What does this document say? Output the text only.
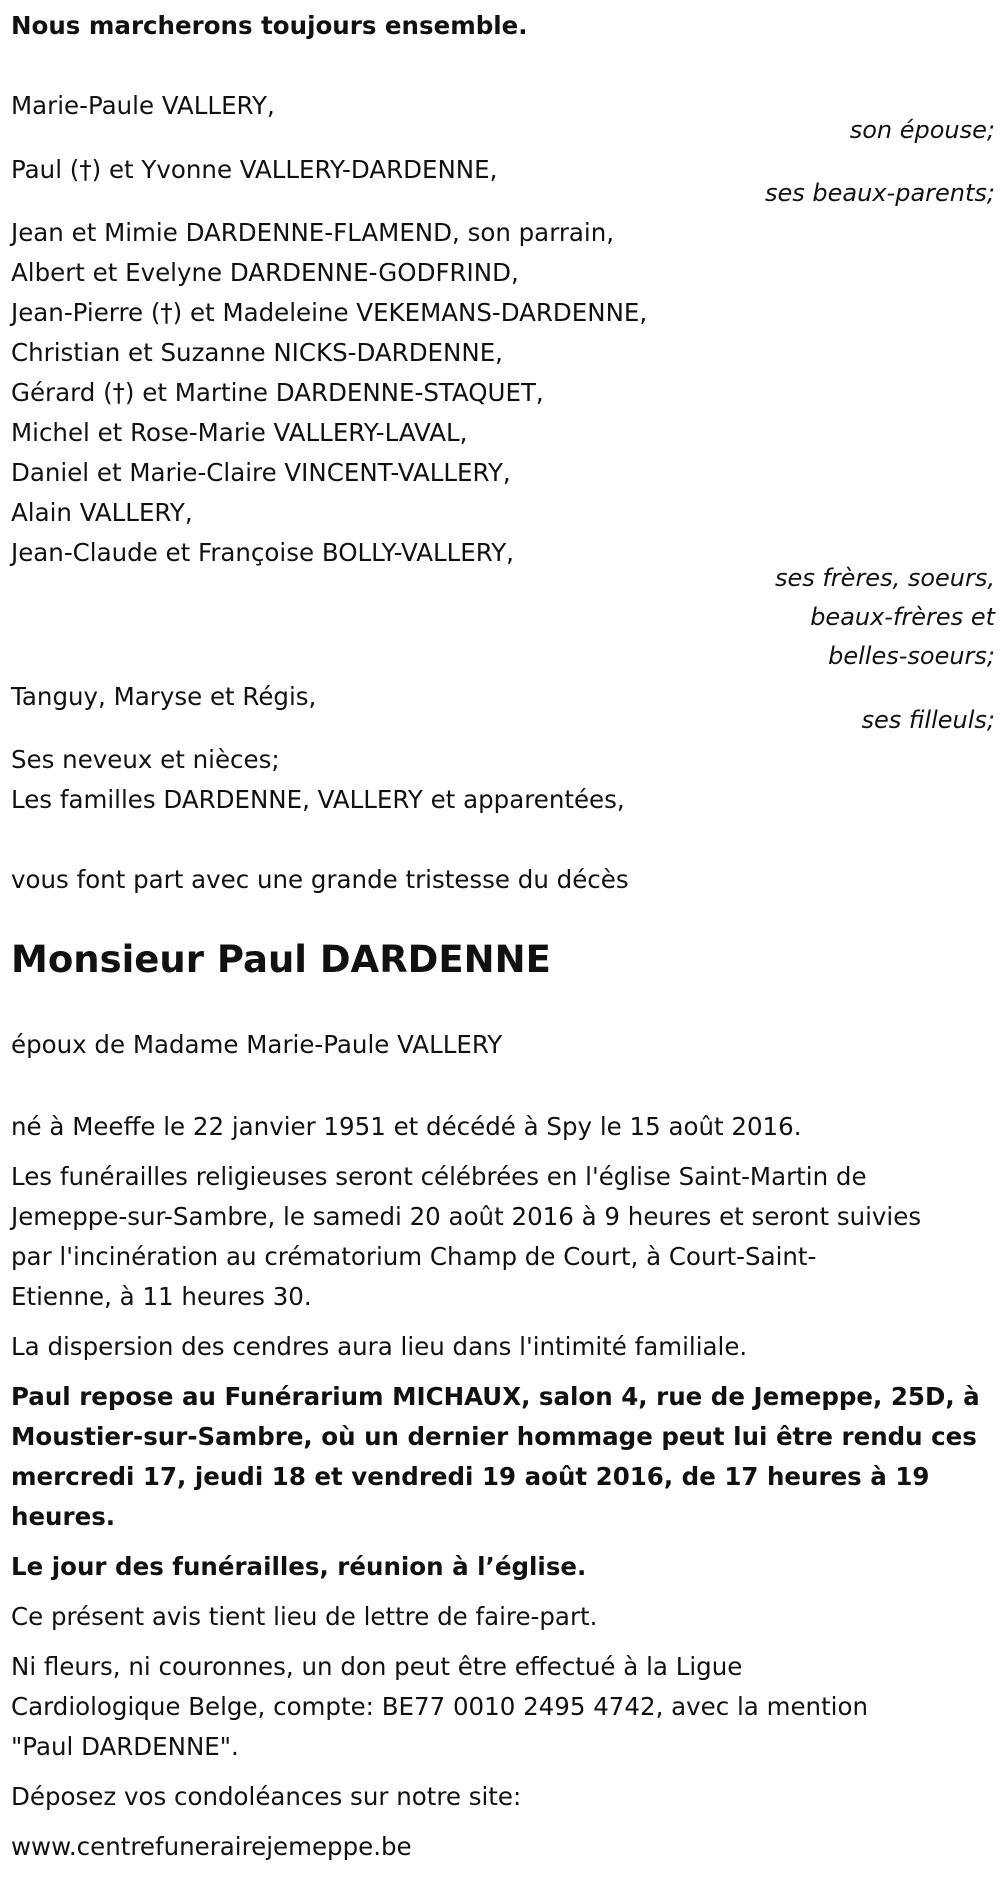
Nous marcherons toujours ensemble.

Marie-Paule VALLERY,

son épouse;

Paul (†) et Yvonne VALLERY-DARDENNE,

ses beaux-parents;

Jean et Mimie DARDENNE-FLAMEND, son parrain,

Albert et Evelyne DARDENNE-GODFRIND,

Jean-Pierre (†) et Madeleine VEKEMANS-DARDENNE,

Christian et Suzanne NICKS-DARDENNE,

Gérard (†) et Martine DARDENNE-STAQUET,

Michel et Rose-Marie VALLERY-LAVAL,

Daniel et Marie-Claire VINCENT-VALLERY,

Alain VALLERY,

Jean-Claude et Françoise BOLLY-VALLERY,

ses frères, soeurs,

beaux-frères et

belles-soeurs;

Tanguy, Maryse et Régis,

ses filleuls;

Ses neveux et nièces;

Les familles DARDENNE, VALLERY et apparentées,

vous font part avec une grande tristesse du décès

Monsieur Paul DARDENNE

époux de Madame Marie-Paule VALLERY

né à Meeffe le 22 janvier 1951 et décédé à Spy le 15 août 2016.

Les funérailles religieuses seront célébrées en l'église Saint-Martin de

Jemeppe-sur-Sambre, le samedi 20 août 2016 à 9 heures et seront suivies

par l'incinération au crématorium Champ de Court, à Court-Saint-

Etienne, à 11 heures 30.

La dispersion des cendres aura lieu dans l'intimité familiale.

Paul repose au Funérarium MICHAUX, salon 4, rue de Jemeppe, 25D, à

Moustier-sur-Sambre, où un dernier hommage peut lui être rendu ces

mercredi 17, jeudi 18 et vendredi 19 août 2016, de 17 heures à 19

heures.

Le jour des funérailles, réunion à l’église.

Ce présent avis tient lieu de lettre de faire-part.

Ni fleurs, ni couronnes, un don peut être effectué à la Ligue

Cardiologique Belge, compte: BE77 0010 2495 4742, avec la mention

"Paul DARDENNE".

Déposez vos condoléances sur notre site:

www.centrefunerairejemeppe.be
